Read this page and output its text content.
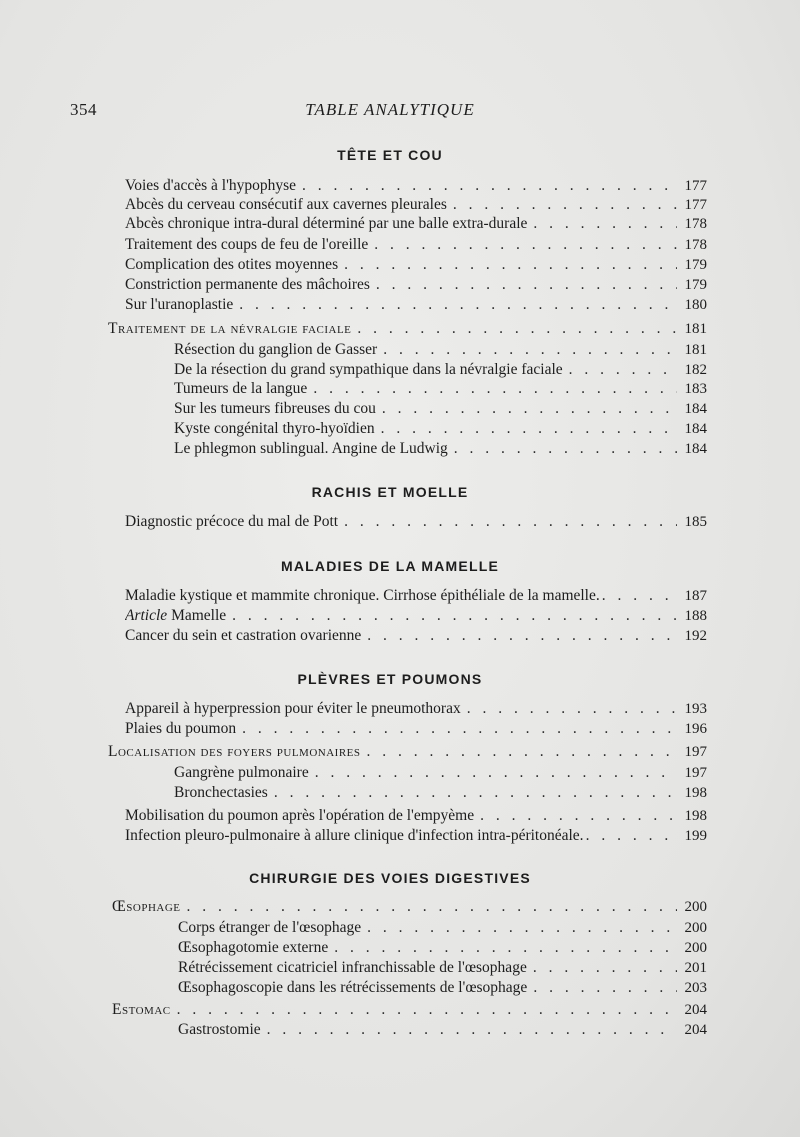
354	TABLE ANALYTIQUE
TÊTE ET COU
Voies d'accès à l'hypophyse . . .	177
Abcès du cerveau consécutif aux cavernes pleurales . . .	177
Abcès chronique intra-dural déterminé par une balle extra-durale . . .	178
Traitement des coups de feu de l'oreille . . .	178
Complication des otites moyennes . . .	179
Constriction permanente des mâchoires . . .	179
Sur l'uranoplastie . . .	180
Traitement de la névralgie faciale . . .	181
Résection du ganglion de Gasser . . .	181
De la résection du grand sympathique dans la névralgie faciale . . .	182
Tumeurs de la langue . . .	183
Sur les tumeurs fibreuses du cou . . .	184
Kyste congénital thyro-hyoïdien . . .	184
Le phlegmon sublingual. Angine de Ludwig . . .	184
RACHIS ET MOELLE
Diagnostic précoce du mal de Pott . . .	185
MALADIES DE LA MAMELLE
Maladie kystique et mammite chronique. Cirrhose épithéliale de la mamelle. . . .	187
Article Mamelle . . .	188
Cancer du sein et castration ovarienne . . .	192
PLÈVRES ET POUMONS
Appareil à hyperpression pour éviter le pneumothorax . . .	193
Plaies du poumon . . .	196
Localisation des foyers pulmonaires . . .	197
Gangrène pulmonaire . . .	197
Bronchectasies . . .	198
Mobilisation du poumon après l'opération de l'empyème . . .	198
Infection pleuro-pulmonaire à allure clinique d'infection intra-péritonéale. . . .	199
CHIRURGIE DES VOIES DIGESTIVES
Œsophage . . .	200
Corps étranger de l'œsophage . . .	200
Œsophagotomie externe . . .	200
Rétrécissement cicatriciel infranchissable de l'œsophage . . .	201
Œsophagoscopie dans les rétrécissements de l'œsophage . . .	203
Estomac . . .	204
Gastrostomie . . .	204
